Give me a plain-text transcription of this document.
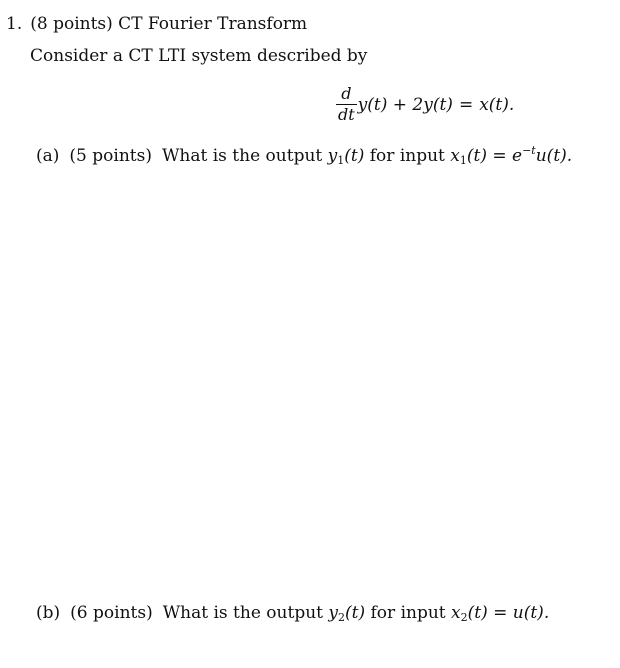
1. (8 points) CT Fourier Transform
Consider a CT LTI system described by
$\frac{d}{dt} y(t) + 2y(t) = x(t)$.
(a) (5 points) What is the output $y_1(t)$ for input $x_1(t) = e^{-t}u(t)$.
(b) (6 points) What is the output $y_2(t)$ for input $x_2(t) = u(t)$.
